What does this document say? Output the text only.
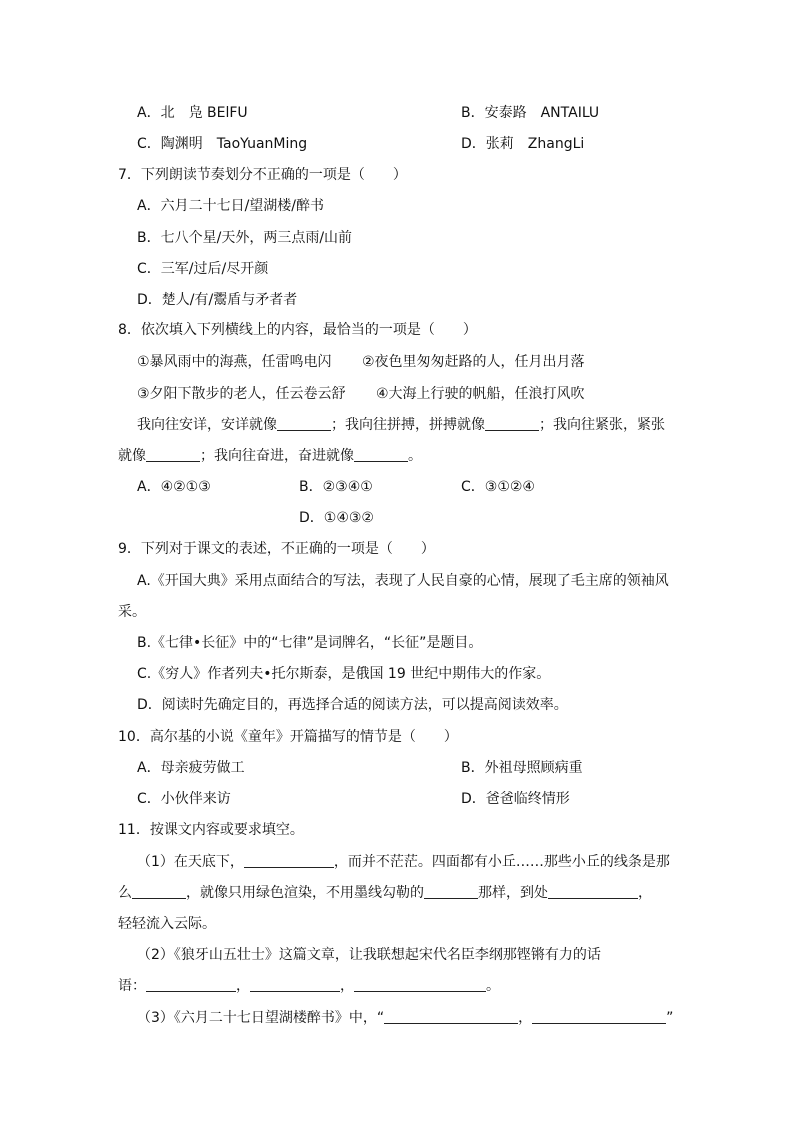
A．北　凫 BElFU	B．安泰路　ANTAILU
C．陶渊明　TaoYuanMing	D．张莉　ZhangLi
7．下列朗读节奏划分不正确的一项是（　　）
A．六月二十七日/望湖楼/醉书
B．七八个星/天外，两三点雨/山前
C．三军/过后/尽开颜
D．楚人/有/鬻盾与矛者者
8．依次填入下列横线上的内容，最恰当的一项是（　　）
①暴风雨中的海燕，任雷鸣电闪 ②夜色里匆匆赶路的人，任月出月落
③夕阳下散步的老人，任云卷云舒 ④大海上行驶的帆船，任浪打风吹
我向往安详，安详就像	；我向往拼搏，拼搏就像	；我向往紧张，紧张
就像	；我向往奋进，奋进就像	。
A．④②①③	B．②③④①	C．③①②④
D．①④③②
9．下列对于课文的表述，不正确的一项是（　　）
A.《开国大典》采用点面结合的写法，表现了人民自豪的心情，展现了毛主席的领袖风
采。
B.《七律•长征》中的“七律”是词牌名，“长征”是题目。
C.《穷人》作者列夫•托尔斯泰，是俄国 19 世纪中期伟大的作家。
D．阅读时先确定目的，再选择合适的阅读方法，可以提高阅读效率。
10．高尔基的小说《童年》开篇描写的情节是（　　）
A．母亲疲劳做工	B．外祖母照顾病重
C．小伙伴来访	D．爸爸临终情形
11．按课文内容或要求填空。
（1）在天底下，	，而并不茫茫。四面都有小丘……那些小丘的线条是那
么	，就像只用绿色渲染，不用墨线勾勒的	那样，到处	，
轻轻流入云际。
（2）《狼牙山五壮士》这篇文章，让我联想起宋代名臣李纲那铿锵有力的话
语：	，	，	。
（3）《六月二十七日望湖楼醉书》中，“	，	”
